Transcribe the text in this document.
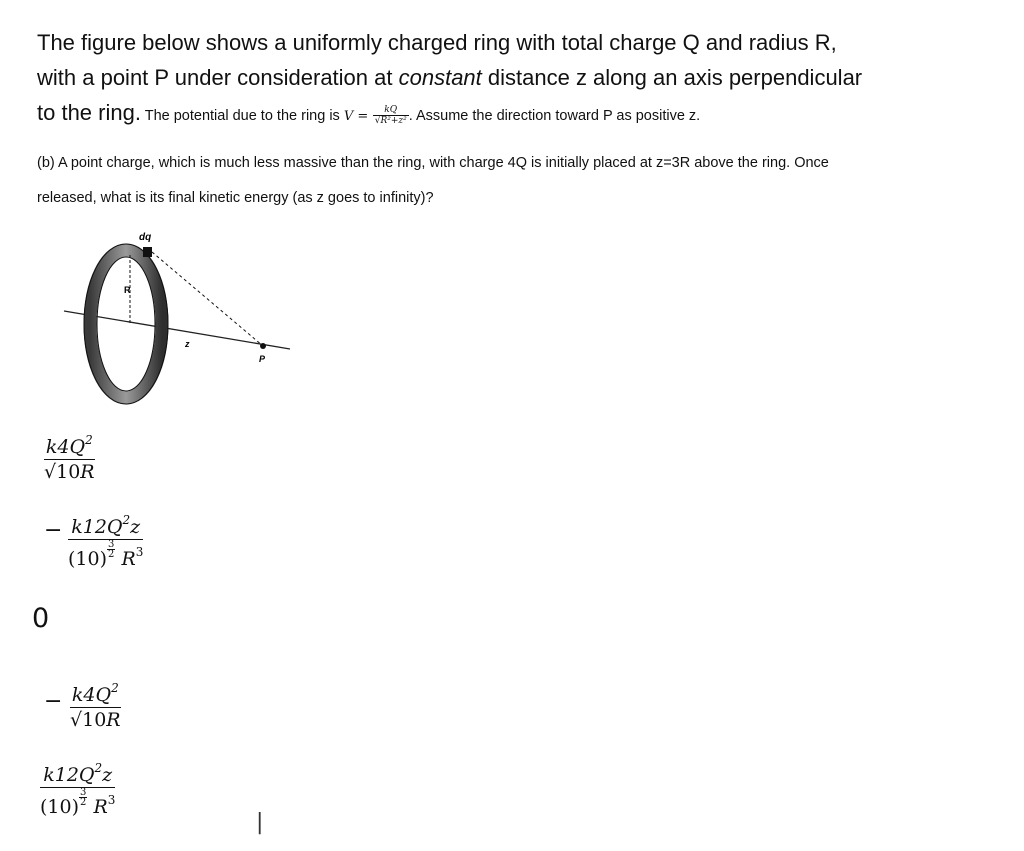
The figure below shows a uniformly charged ring with total charge Q and radius R,
with a point P under consideration at constant distance z along an axis perpendicular
to the ring. The potential due to the ring is $V = \frac{kQ}{\text{√R²+z²}}$ . Assume the direction toward P as positive z.
(b) A point charge, which is much less massive than the ring, with charge 4Q is initially placed at z=3R above the ring. Once
released, what is its final kinetic energy (as z goes to infinity)?
dq
R
z
P
$\frac{k4Q^2}{√10R}$
− $\frac{k12Q^2z}{(10) \frac{3}{2} R^3}$
0
− $\frac{k4Q^2}{√10R}$
$\frac{k12Q^2z}{(10) \frac{3}{2} R^3}$
|
